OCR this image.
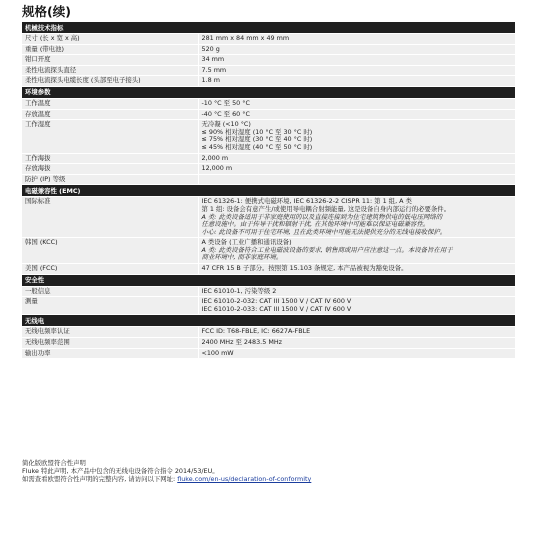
规格(续)
机械技术指标	
尺寸 (长 x 宽 x 高)	281 mm x 84 mm x 49 mm
重量 (带电池)	520 g
钳口开度	34 mm
柔性电流探头直径	7.5 mm
柔性电流探头电缆长度 (头部至电子接头)	1.8 m
环境参数	
工作温度	-10 °C 至 50 °C
存放温度	-40 °C 至 60 °C
工作湿度	无冷凝 (<10 °C)
≤ 90% 相对湿度 (10 °C 至 30 °C 时)
≤ 75% 相对湿度 (30 °C 至 40 °C 时)
≤ 45% 相对湿度 (40 °C 至 50 °C 时)

工作海拔	2,000 m
存放海拔	12,000 m
防护 (IP) 等级	
电磁兼容性 (EMC)	
国际标准	IEC 61326-1: 便携式电磁环境, IEC 61326-2-2 CISPR 11: 第 1 组, A 类
第 1 组: 设备会有意产生/或使用导电耦合射频能量, 这是设备自身内部运行的必要条件。
A 类: 此类设备适用于非家庭使用的以及直接连接到为住宅建筑物供电的低电压网络的
任意设施中。由于传导干扰和辐射干扰, 在其他环境中可能难以保证电磁兼容性。
小心: 此设备不可用于住宅环境, 且在此类环境中可能无法提供充分的无线电接收保护。

韩国 (KCC)	A 类设备 (工业广播和通讯设备)
A 类: 此类设备符合工业电磁波设备的要求, 销售商或用户应注意这一点。本设备旨在用于
商业环境中, 而非家庭环境。

美国 (FCC)	47 CFR 15 B 子部分。按照第 15.103 条规定, 本产品被视为豁免设备。
安全性	
一般信息	IEC 61010-1, 污染等级 2
测量	IEC 61010-2-032: CAT III 1500 V / CAT IV 600 V
IEC 61010-2-033: CAT III 1500 V / CAT IV 600 V

无线电	
无线电频率认证	FCC ID: T68-FBLE, IC: 6627A-FBLE
无线电频率范围	2400 MHz 至 2483.5 MHz
输出功率	<100 mW
简化版欧盟符合性声明
Fluke 特此声明, 本产品中包含的无线电设备符合指令 2014/53/EU。
如需查看欧盟符合性声明的完整内容, 请访问以下网址: fluke.com/en-us/declaration-of-conformity
